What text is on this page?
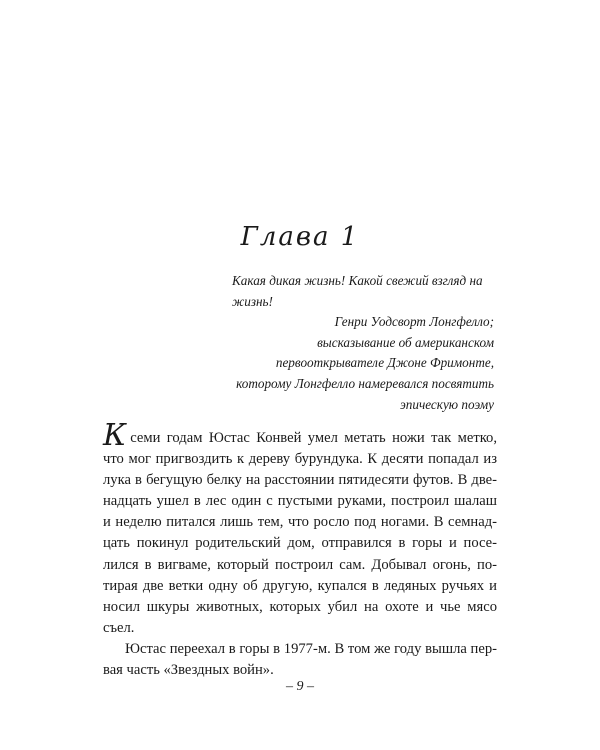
Глава 1

Какая дикая жизнь! Какой свежий взгляд на
жизнь!

Генри Уодсворт Лонгфелло;
высказывание об американском
первооткрывателе Джоне Фримонте,
которому Лонгфелло намеревался посвятить
эпическую поэму

Ксеми годам Юстас Конвей умел метать ножи так метко,
что мог пригвоздить к дереву бурундука. К десяти попадал из
лука в бегущую белку на расстоянии пятидесяти футов. В две-
надцать ушел в лес один с пустыми руками, построил шалаш
и неделю питался лишь тем, что росло под ногами. В семнад-
цать покинул родительский дом, отправился в горы и посе-
лился в вигваме, который построил сам. Добывал огонь, по-
тирая две ветки одну об другую, купался в ледяных ручьях и
носил шкуры животных, которых убил на охоте и чье мясо
съел.
Юстас переехал в горы в 1977-м. В том же году вышла пер-
вая часть «Звездных войн».
– 9 –
